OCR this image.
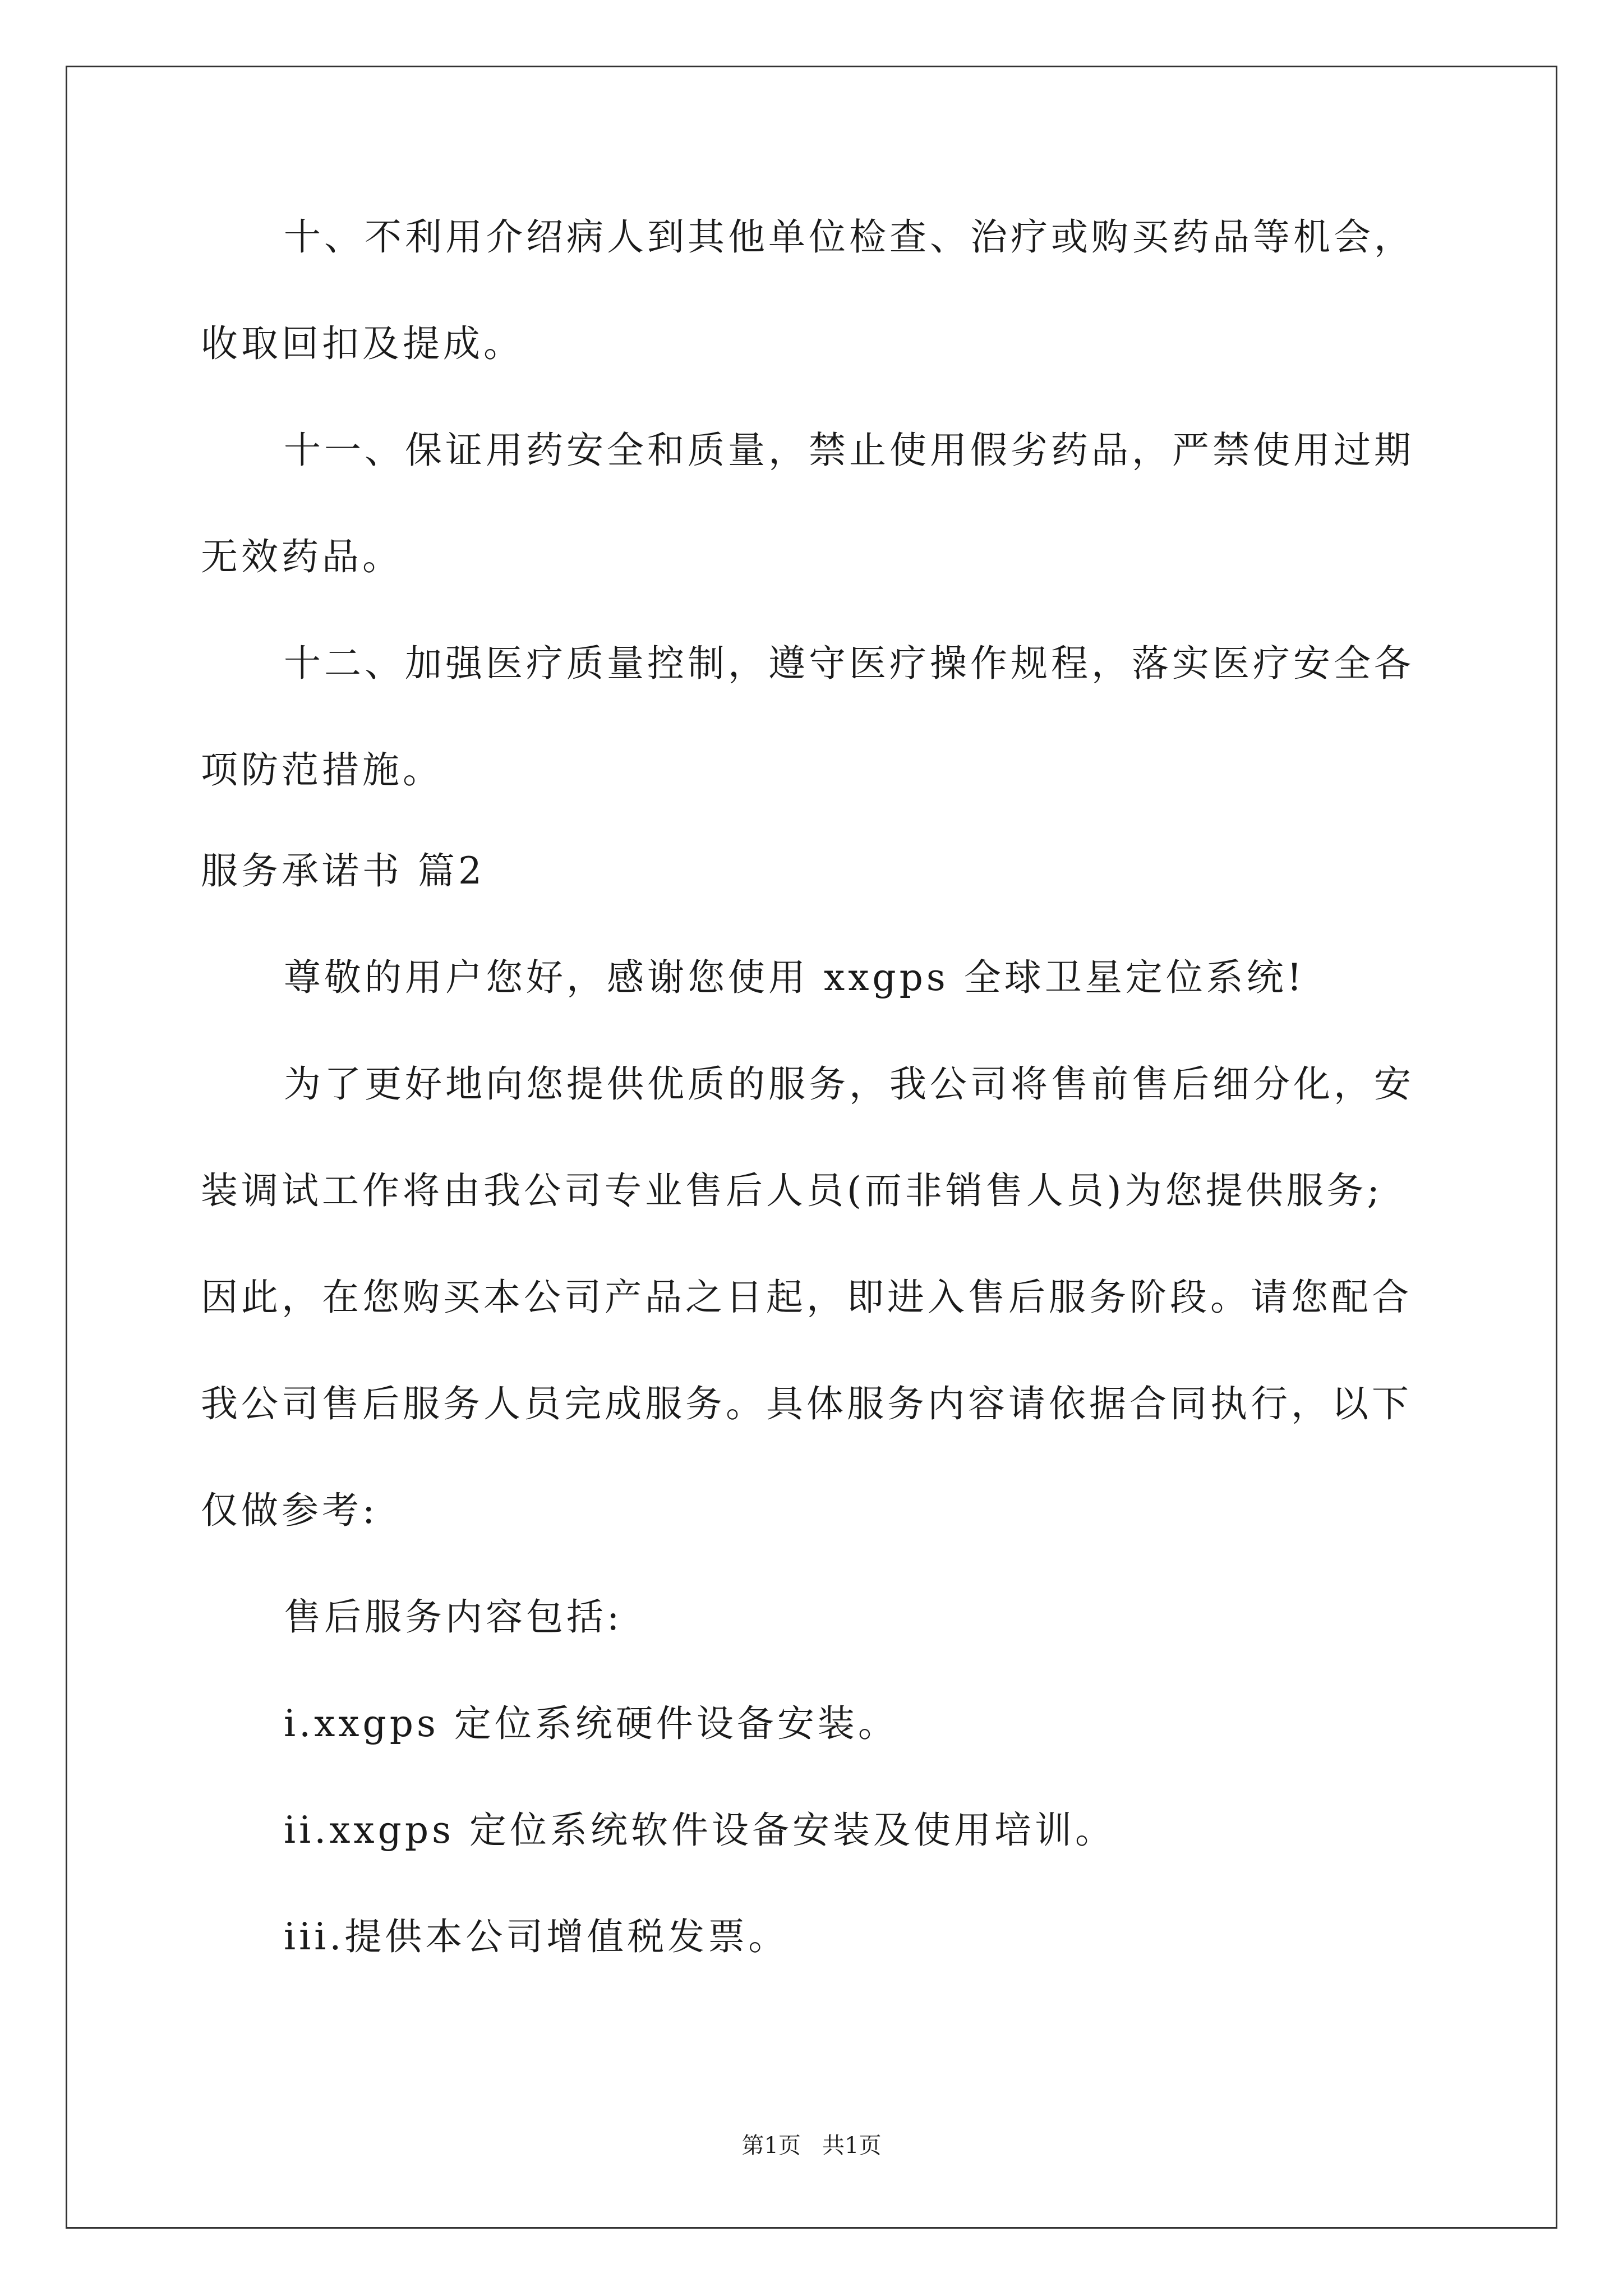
十、不利用介绍病人到其他单位检查、治疗或购买药品等机会，
收取回扣及提成。
十一、保证用药安全和质量，禁止使用假劣药品，严禁使用过期
无效药品。
十二、加强医疗质量控制，遵守医疗操作规程，落实医疗安全各
项防范措施。
服务承诺书 篇2
尊敬的用户您好，感谢您使用 xxgps 全球卫星定位系统!
为了更好地向您提供优质的服务，我公司将售前售后细分化，安
装调试工作将由我公司专业售后人员(而非销售人员)为您提供服务;
因此，在您购买本公司产品之日起，即进入售后服务阶段。请您配合
我公司售后服务人员完成服务。具体服务内容请依据合同执行，以下
仅做参考:
售后服务内容包括:
i.xxgps 定位系统硬件设备安装。
ii.xxgps 定位系统软件设备安装及使用培训。
iii.提供本公司增值税发票。
第1页   共1页
